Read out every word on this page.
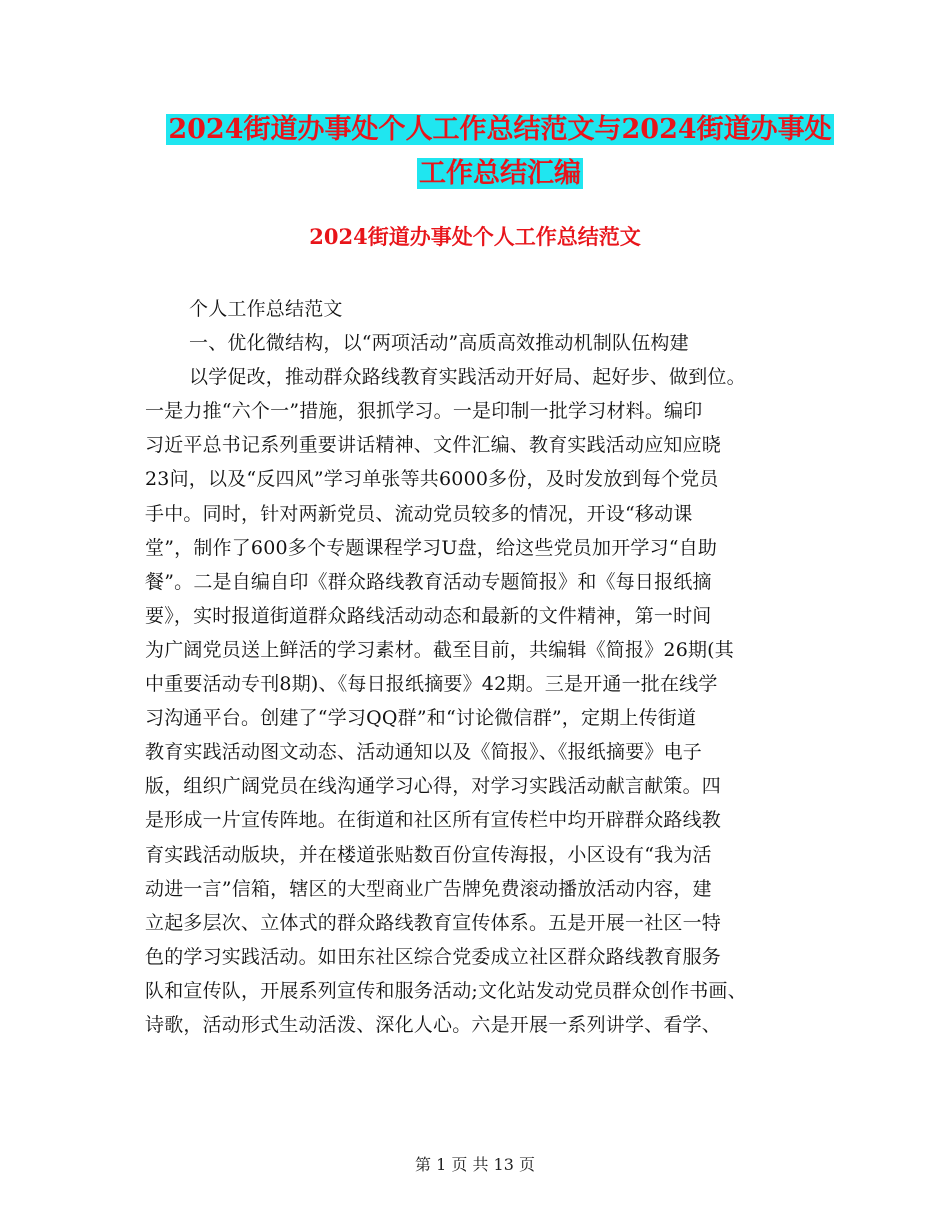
2024街道办事处个人工作总结范文与2024街道办事处
工作总结汇编
2024街道办事处个人工作总结范文
个人工作总结范文
一、优化微结构，以“两项活动”高质高效推动机制队伍构建
以学促改，推动群众路线教育实践活动开好局、起好步、做到位。
一是力推“六个一”措施，狠抓学习。一是印制一批学习材料。编印
习近平总书记系列重要讲话精神、文件汇编、教育实践活动应知应晓
23问，以及“反四风”学习单张等共6000多份，及时发放到每个党员
手中。同时，针对两新党员、流动党员较多的情况，开设“移动课
堂”，制作了600多个专题课程学习U盘，给这些党员加开学习“自助
餐”。二是自编自印《群众路线教育活动专题简报》和《每日报纸摘
要》，实时报道街道群众路线活动动态和最新的文件精神，第一时间
为广阔党员送上鲜活的学习素材。截至目前，共编辑《简报》26期(其
中重要活动专刊8期)、《每日报纸摘要》42期。三是开通一批在线学
习沟通平台。创建了“学习QQ群”和“讨论微信群”，定期上传街道
教育实践活动图文动态、活动通知以及《简报》、《报纸摘要》电子
版，组织广阔党员在线沟通学习心得，对学习实践活动献言献策。四
是形成一片宣传阵地。在街道和社区所有宣传栏中均开辟群众路线教
育实践活动版块，并在楼道张贴数百份宣传海报，小区设有“我为活
动进一言”信箱，辖区的大型商业广告牌免费滚动播放活动内容，建
立起多层次、立体式的群众路线教育宣传体系。五是开展一社区一特
色的学习实践活动。如田东社区综合党委成立社区群众路线教育服务
队和宣传队，开展系列宣传和服务活动;文化站发动党员群众创作书画、
诗歌，活动形式生动活泼、深化人心。六是开展一系列讲学、看学、
第 1 页 共 13 页
